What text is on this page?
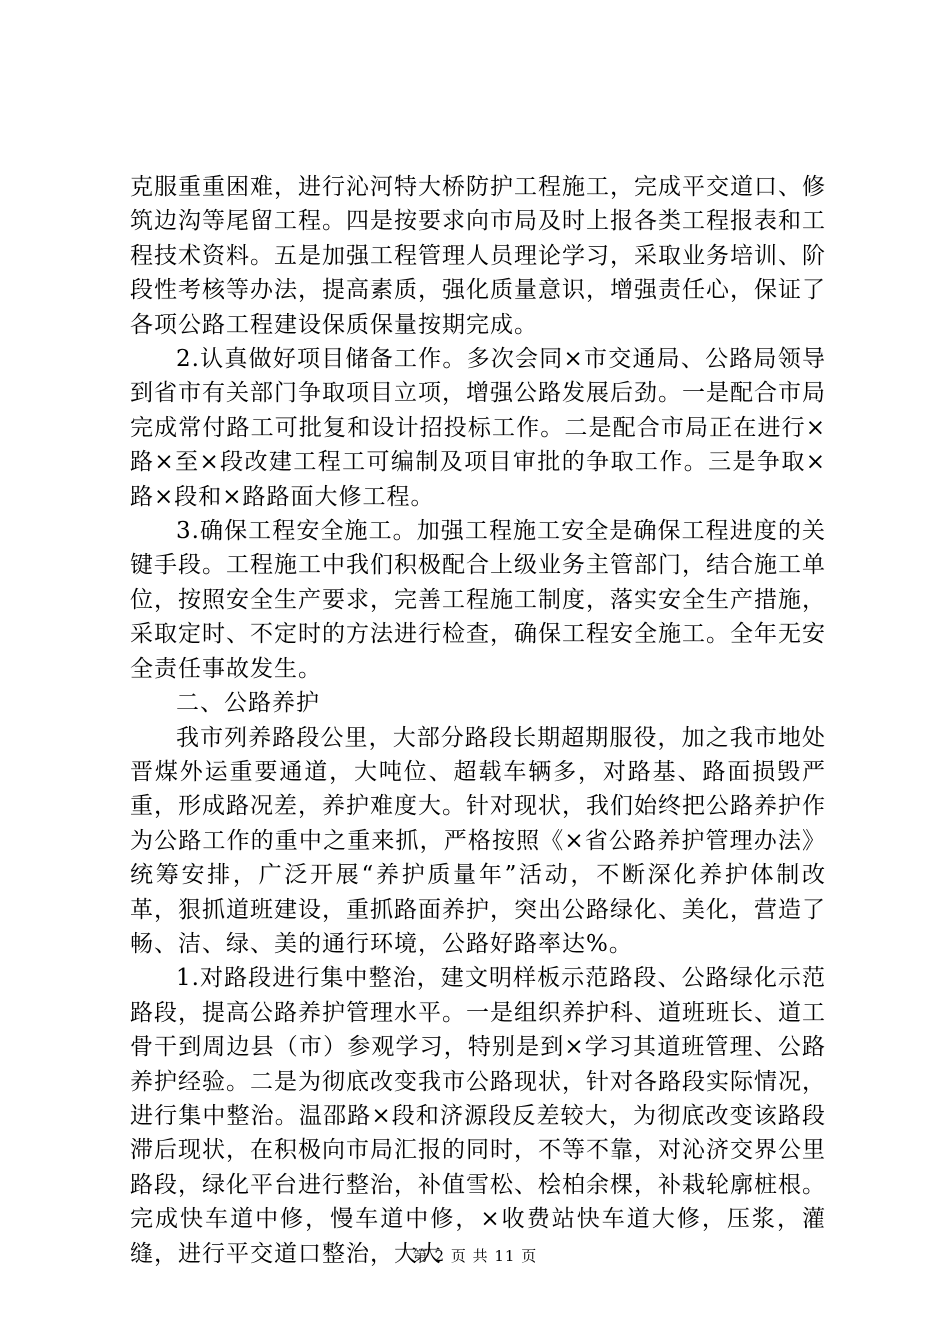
克服重重困难，进行沁河特大桥防护工程施工，完成平交道口、修筑边沟等尾留工程。四是按要求向市局及时上报各类工程报表和工程技术资料。五是加强工程管理人员理论学习，采取业务培训、阶段性考核等办法，提高素质，强化质量意识，增强责任心，保证了各项公路工程建设保质保量按期完成。

2.认真做好项目储备工作。多次会同×市交通局、公路局领导到省市有关部门争取项目立项，增强公路发展后劲。一是配合市局完成常付路工可批复和设计招投标工作。二是配合市局正在进行×路×至×段改建工程工可编制及项目审批的争取工作。三是争取×路×段和×路路面大修工程。

3.确保工程安全施工。加强工程施工安全是确保工程进度的关键手段。工程施工中我们积极配合上级业务主管部门，结合施工单位，按照安全生产要求，完善工程施工制度，落实安全生产措施，采取定时、不定时的方法进行检查，确保工程安全施工。全年无安全责任事故发生。

二、公路养护

我市列养路段公里，大部分路段长期超期服役，加之我市地处晋煤外运重要通道，大吨位、超载车辆多，对路基、路面损毁严重，形成路况差，养护难度大。针对现状，我们始终把公路养护作为公路工作的重中之重来抓，严格按照《×省公路养护管理办法》统筹安排，广泛开展“养护质量年”活动，不断深化养护体制改革，狠抓道班建设，重抓路面养护，突出公路绿化、美化，营造了畅、洁、绿、美的通行环境，公路好路率达%。

1.对路段进行集中整治，建文明样板示范路段、公路绿化示范路段，提高公路养护管理水平。一是组织养护科、道班班长、道工骨干到周边县（市）参观学习，特别是到×学习其道班管理、公路养护经验。二是为彻底改变我市公路现状，针对各路段实际情况，进行集中整治。温邵路×段和济源段反差较大，为彻底改变该路段滞后现状，在积极向市局汇报的同时，不等不靠，对沁济交界公里路段，绿化平台进行整治，补值雪松、桧柏余棵，补栽轮廓桩根。完成快车道中修，慢车道中修，×收费站快车道大修，压浆，灌缝，进行平交道口整治，大大

第 2 页 共 11 页
